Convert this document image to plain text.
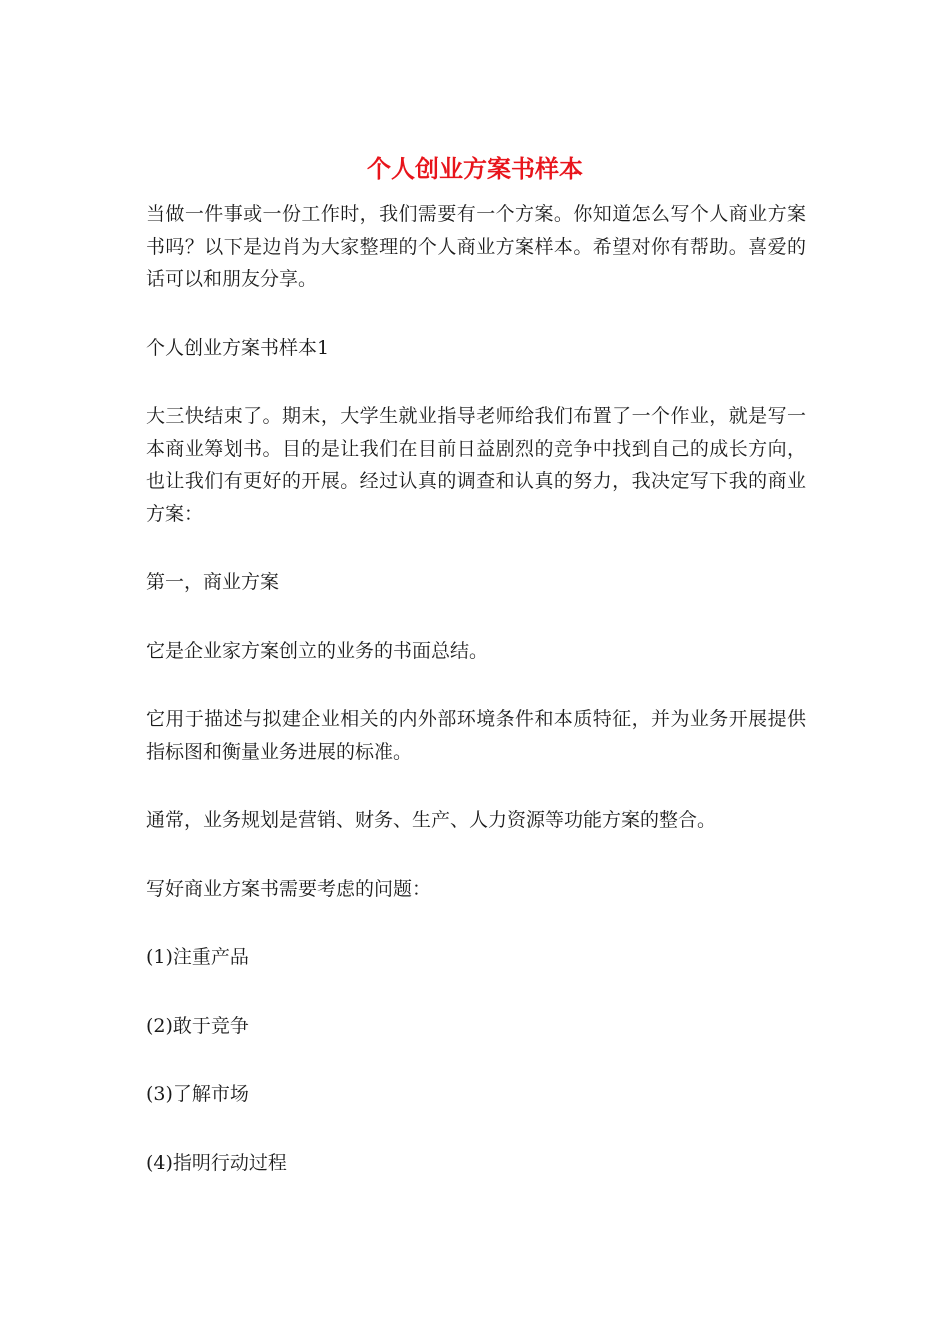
个人创业方案书样本

当做一件事或一份工作时，我们需要有一个方案。你知道怎么写个人商业方案书吗？以下是边肖为大家整理的个人商业方案样本。希望对你有帮助。喜爱的话可以和朋友分享。

个人创业方案书样本1

大三快结束了。期末，大学生就业指导老师给我们布置了一个作业，就是写一本商业筹划书。目的是让我们在目前日益剧烈的竞争中找到自己的成长方向，也让我们有更好的开展。经过认真的调查和认真的努力，我决定写下我的商业方案：

第一，商业方案

它是企业家方案创立的业务的书面总结。

它用于描述与拟建企业相关的内外部环境条件和本质特征，并为业务开展提供指标图和衡量业务进展的标准。

通常，业务规划是营销、财务、生产、人力资源等功能方案的整合。

写好商业方案书需要考虑的问题：

(1)注重产品

(2)敢于竞争

(3)了解市场

(4)指明行动过程
